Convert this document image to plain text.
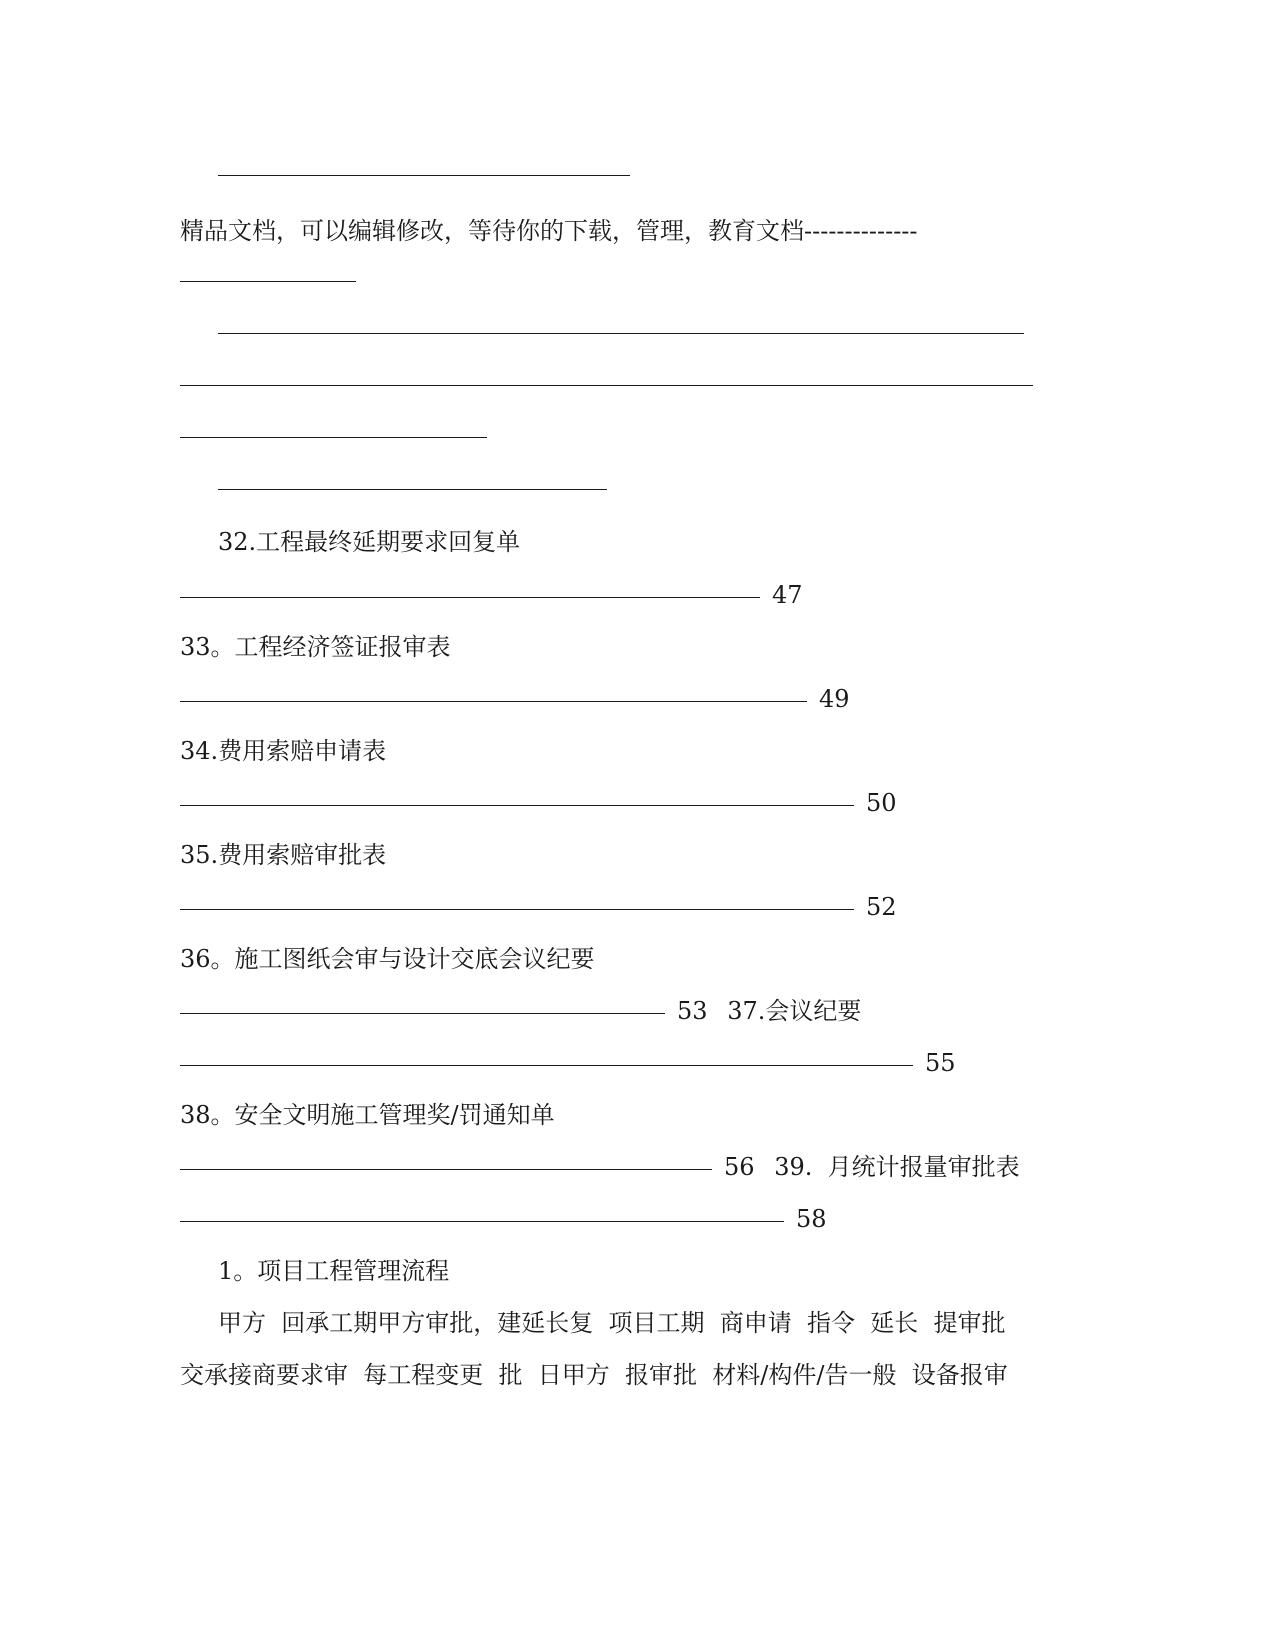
精品文档，可以编辑修改，等待你的下载，管理，教育文档--------------
32.工程最终延期要求回复单
47
33。工程经济签证报审表
49
34.费用索赔申请表
50
35.费用索赔审批表
52
36。施工图纸会审与设计交底会议纪要
53 37.会议纪要
55
38。安全文明施工管理奖/罚通知单
56 39.  月统计报量审批表
58
1。项目工程管理流程
甲方  回承工期甲方审批，建延长复  项目工期  商申请  指令  延长  提审批
交承接商要求审  每工程变更  批  日甲方  报审批  材料/构件/告一般  设备报审
